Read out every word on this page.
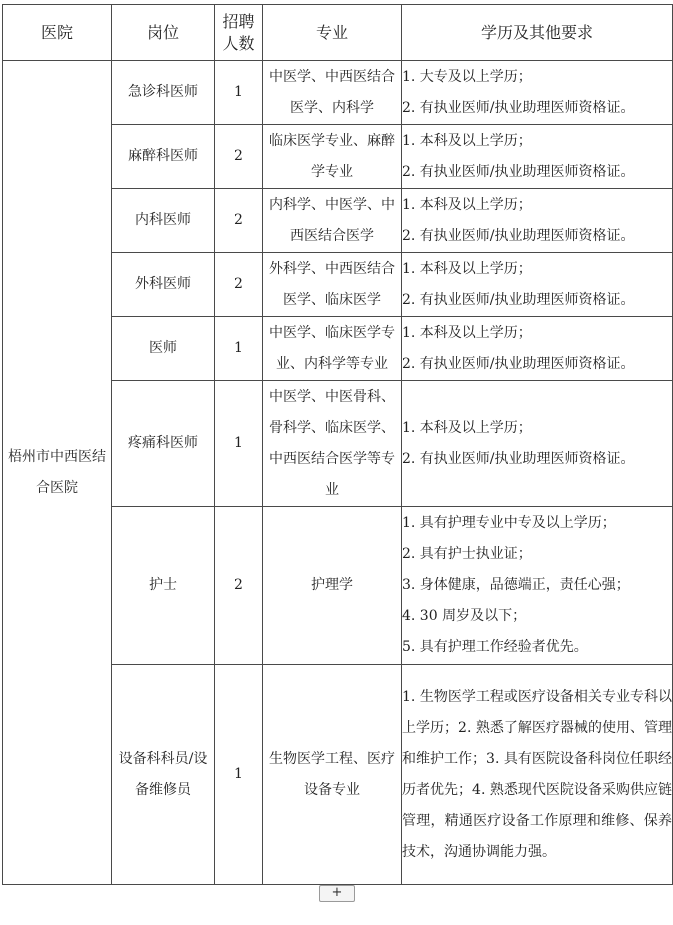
医院	岗位	招聘人数	专业	学历及其他要求
梧州市中西医结合医院	急诊科医师	1	中医学、中西医结合医学、内科学	1. 大专及以上学历；
2. 有执业医师/执业助理医师资格证。

	麻醉科医师	2	临床医学专业、麻醉学专业	1. 本科及以上学历；
2. 有执业医师/执业助理医师资格证。

	内科医师	2	内科学、中医学、中西医结合医学	1. 本科及以上学历；
2. 有执业医师/执业助理医师资格证。

	外科医师	2	外科学、中西医结合医学、临床医学	1. 本科及以上学历；
2. 有执业医师/执业助理医师资格证。

	医师	1	中医学、临床医学专业、内科学等专业	1. 本科及以上学历；
2. 有执业医师/执业助理医师资格证。

	疼痛科医师	1	中医学、中医骨科、骨科学、临床医学、中西医结合医学等专业	1. 本科及以上学历；
2. 有执业医师/执业助理医师资格证。

	护士	2	护理学	1. 具有护理专业中专及以上学历；
2. 具有护士执业证；
3. 身体健康，品德端正，责任心强；
4. 30 周岁及以下；
5. 具有护理工作经验者优先。

	设备科科员/设备维修员	1	生物医学工程、医疗设备专业	1. 生物医学工程或医疗设备相关专业专科以上学历；2. 熟悉了解医疗器械的使用、管理和维护工作；3. 具有医院设备科岗位任职经历者优先；4. 熟悉现代医院设备采购供应链管理，精通医疗设备工作原理和维修、保养技术，沟通协调能力强。
+
